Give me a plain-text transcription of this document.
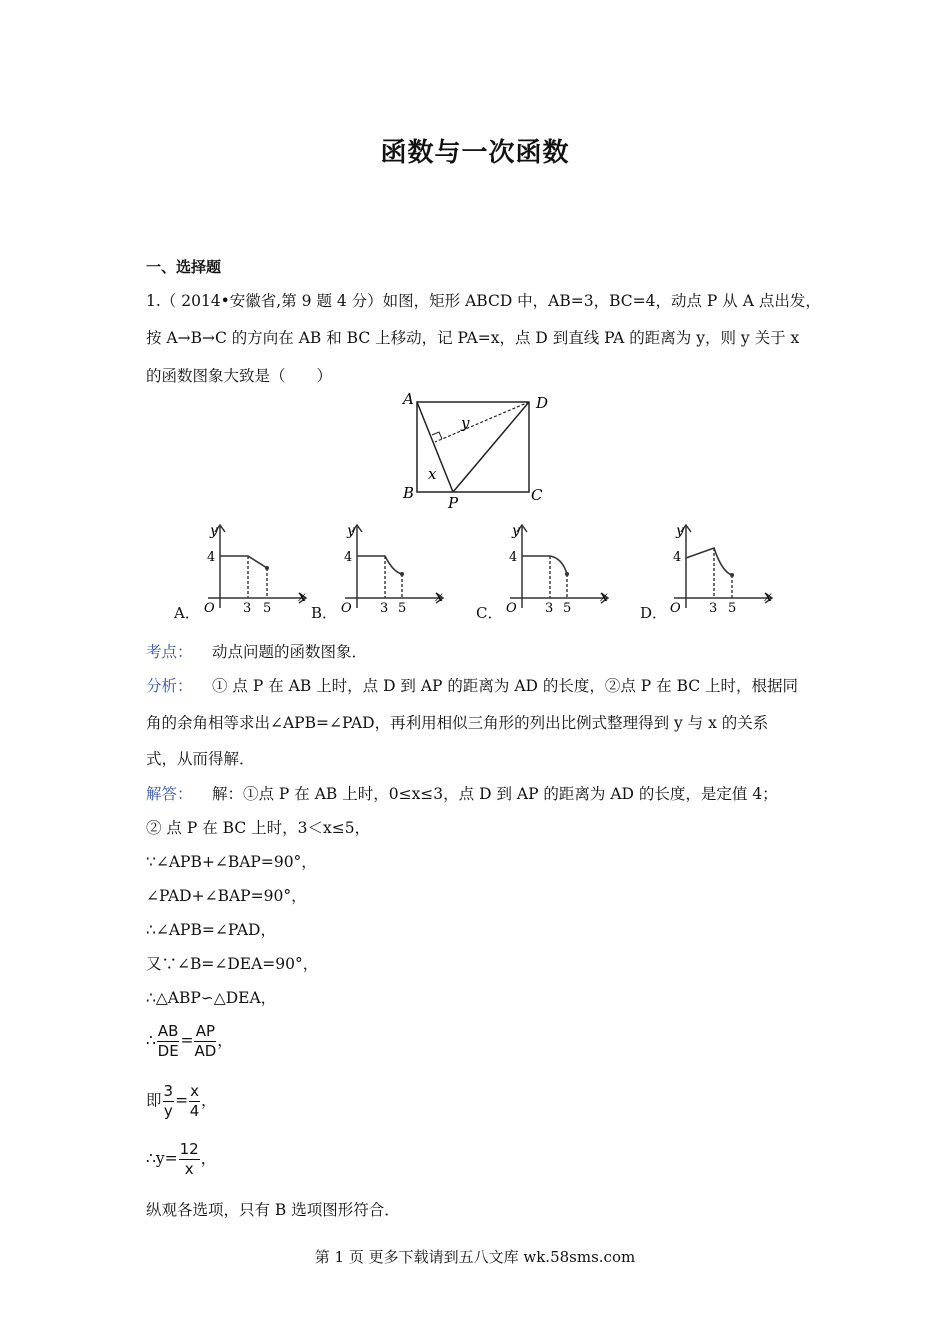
函数与一次函数
一、选择题
1.（ 2014•安徽省,第 9 题 4 分）如图，矩形 ABCD 中，AB=3，BC=4，动点 P 从 A 点出发，
按 A→B→C 的方向在 AB 和 BC 上移动，记 PA=x，点 D 到直线 PA 的距离为 y，则 y 关于 x
的函数图象大致是（　　）
A	D
B	C
P
x
y
A．
y
x
4
O 3 5	B．
y
x
4
O 3 5	C．
y
x
4
O 3 5	D．
y
x
4
O 3 5
考点： 动点问题的函数图象．
分析： ① 点 P 在 AB 上时，点 D 到 AP 的距离为 AD 的长度，②点 P 在 BC 上时，根据同
角的余角相等求出∠APB=∠PAD，再利用相似三角形的列出比例式整理得到 y 与 x 的关系
式，从而得解．
解答： 解：①点 P 在 AB 上时，0≤x≤3，点 D 到 AP 的距离为 AD 的长度，是定值 4；
② 点 P 在 BC 上时，3＜x≤5，
∵∠APB+∠BAP=90°，
∠PAD+∠BAP=90°，
∴∠APB=∠PAD，
又∵∠B=∠DEA=90°，
∴△ABP∽△DEA，
∴ $\frac{AB}{DE} = \frac{AP}{AD}$ ，
即 $\frac{3}{y} = \frac{x}{4}$ ，
∴y= $\frac{12}{x}$ ，
纵观各选项，只有 B 选项图形符合．
第 1 页 更多下载请到五八文库 wk.58sms.com
